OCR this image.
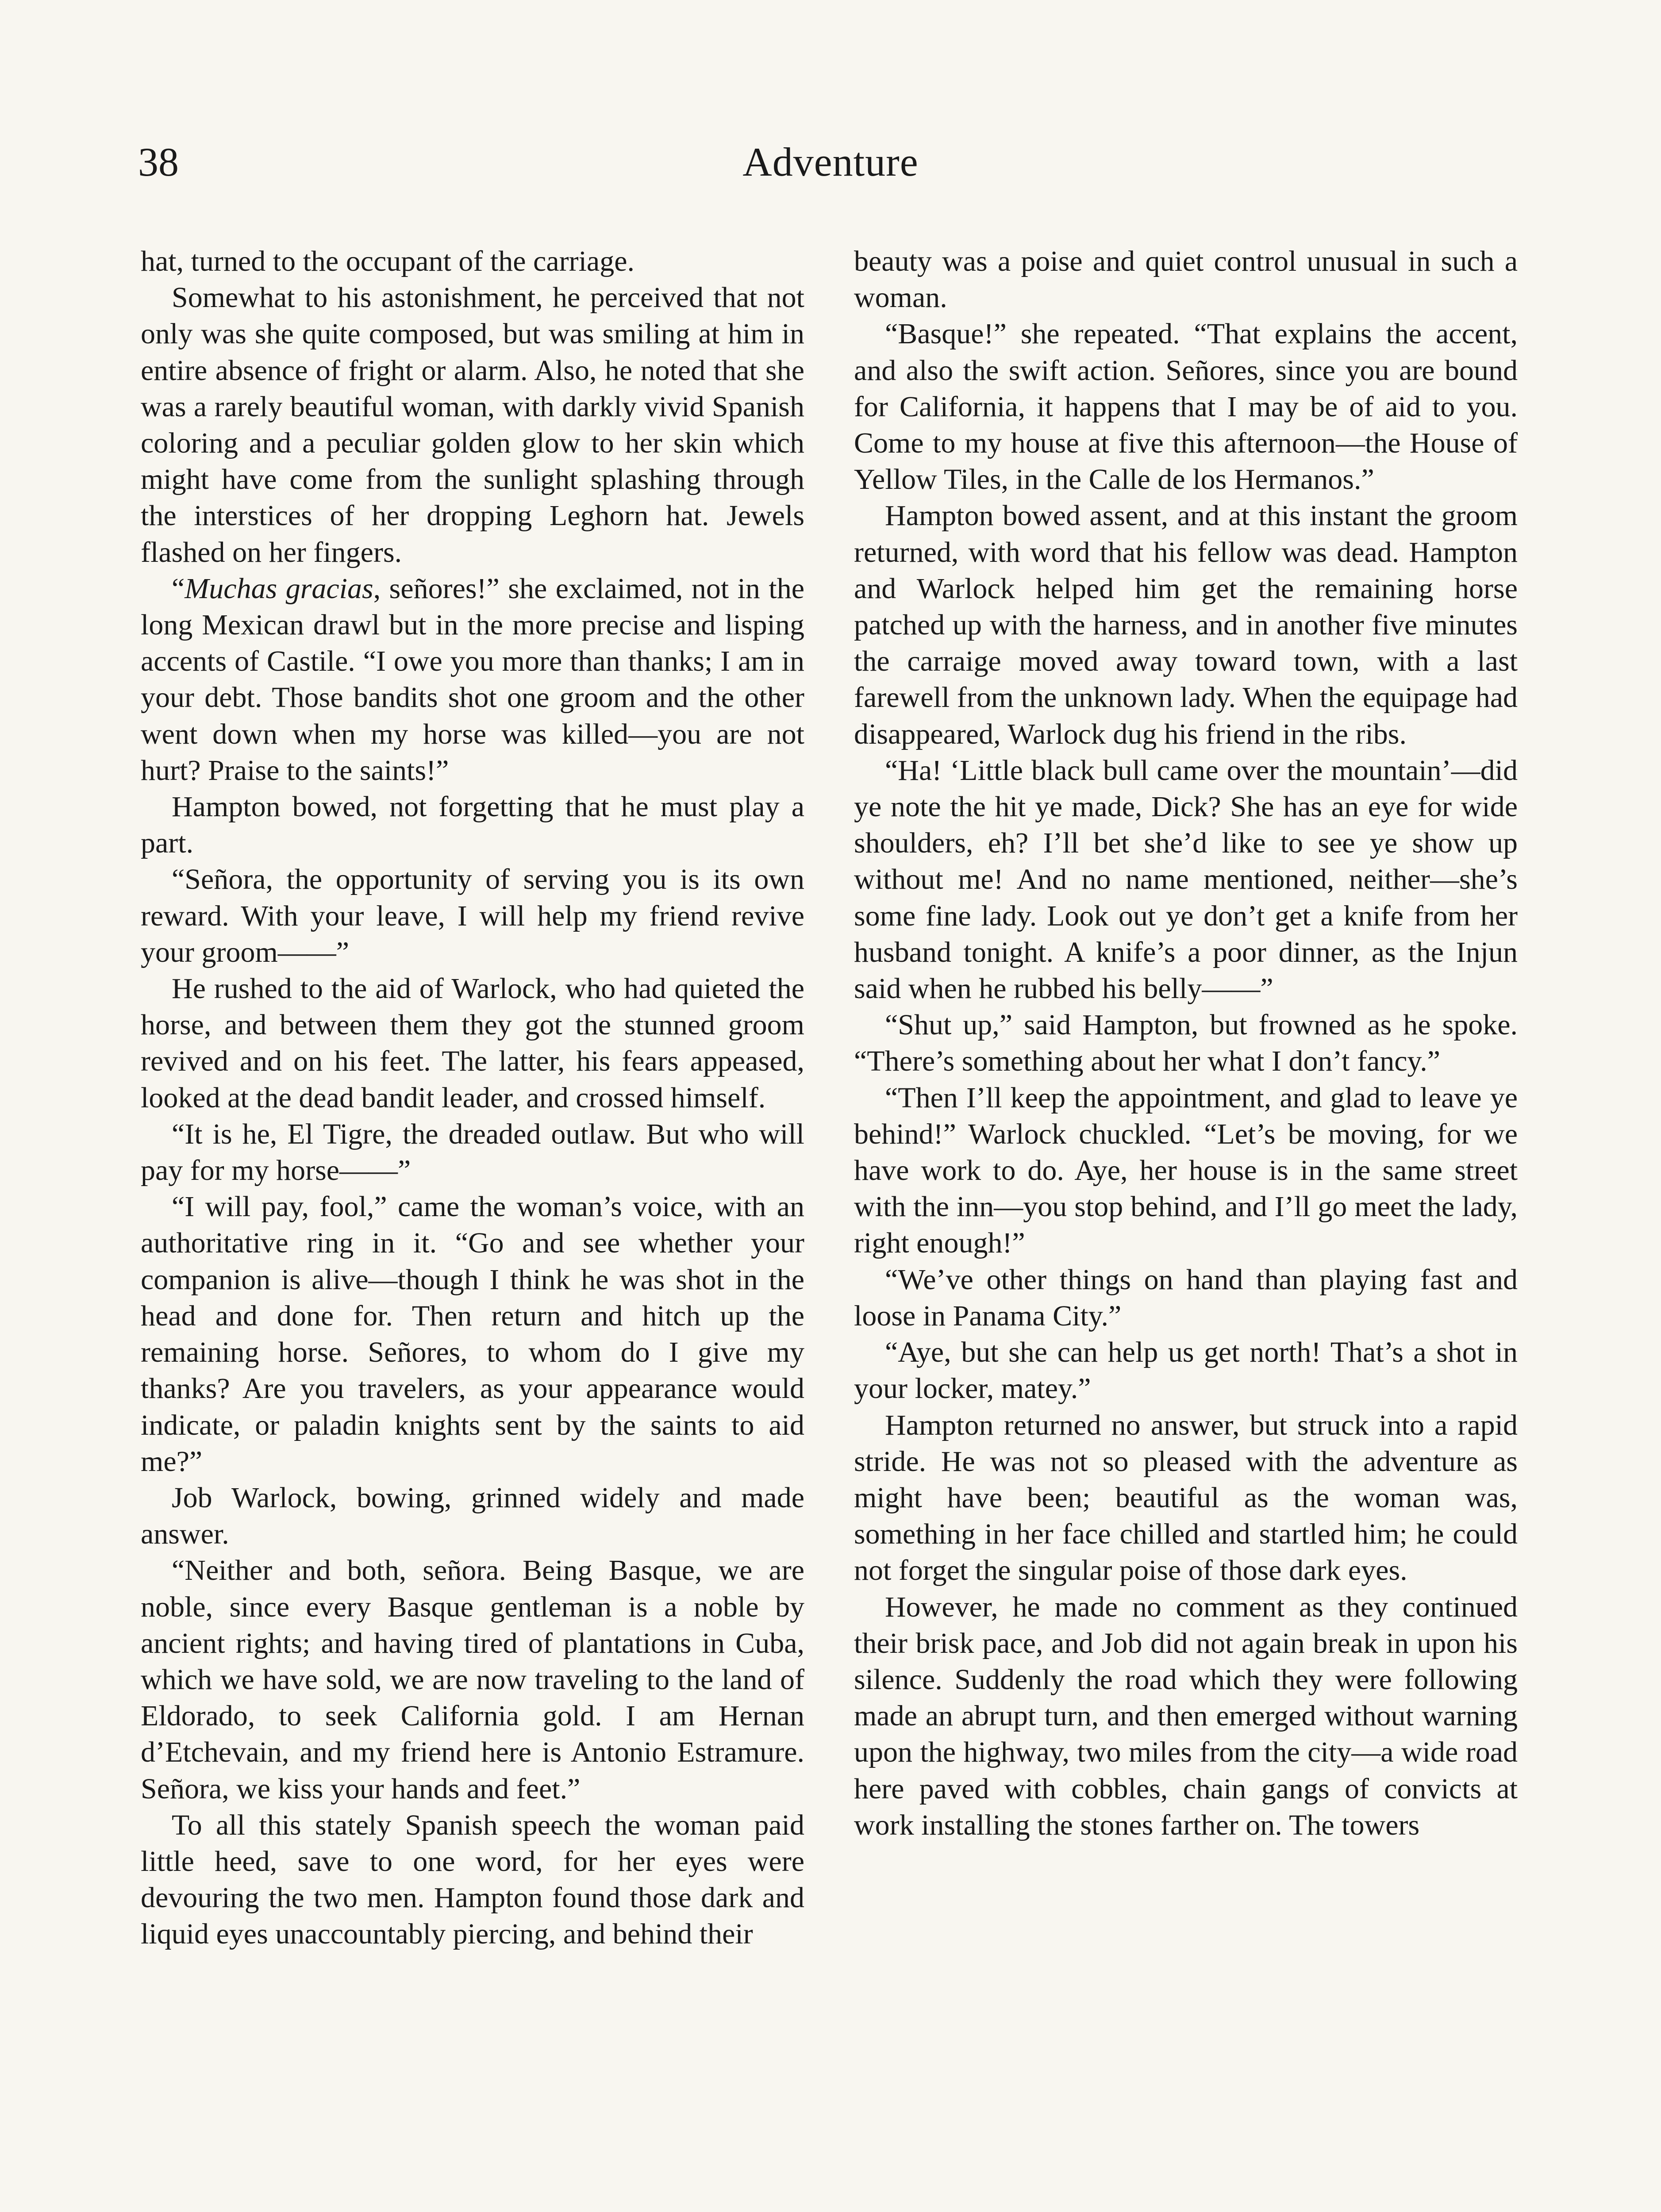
38	Adventure

hat, turned to the occupant of the carriage.

Somewhat to his astonishment, he perceived that not only was she quite composed, but was smiling at him in entire absence of fright or alarm. Also, he noted that she was a rarely beautiful woman, with darkly vivid Spanish coloring and a peculiar golden glow to her skin which might have come from the sunlight splashing through the interstices of her dropping Leghorn hat. Jewels flashed on her fingers.

“Muchas gracias, señores!” she exclaimed, not in the long Mexican drawl but in the more precise and lisping accents of Castile. “I owe you more than thanks; I am in your debt. Those bandits shot one groom and the other went down when my horse was killed—you are not hurt? Praise to the saints!”

Hampton bowed, not forgetting that he must play a part.

“Señora, the opportunity of serving you is its own reward. With your leave, I will help my friend revive your groom——”

He rushed to the aid of Warlock, who had quieted the horse, and between them they got the stunned groom revived and on his feet. The latter, his fears appeased, looked at the dead bandit leader, and crossed himself.

“It is he, El Tigre, the dreaded outlaw. But who will pay for my horse——”

“I will pay, fool,” came the woman’s voice, with an authoritative ring in it. “Go and see whether your companion is alive—though I think he was shot in the head and done for. Then return and hitch up the remaining horse. Señores, to whom do I give my thanks? Are you travelers, as your appearance would indicate, or paladin knights sent by the saints to aid me?”

Job Warlock, bowing, grinned widely and made answer.

“Neither and both, señora. Being Basque, we are noble, since every Basque gentleman is a noble by ancient rights; and having tired of plantations in Cuba, which we have sold, we are now traveling to the land of Eldorado, to seek California gold. I am Hernan d’Etchevain, and my friend here is Antonio Estramure. Señora, we kiss your hands and feet.”

To all this stately Spanish speech the woman paid little heed, save to one word, for her eyes were devouring the two men. Hampton found those dark and liquid eyes unaccountably piercing, and behind their

beauty was a poise and quiet control unusual in such a woman.

“Basque!” she repeated. “That explains the accent, and also the swift action. Señores, since you are bound for California, it happens that I may be of aid to you. Come to my house at five this afternoon—the House of Yellow Tiles, in the Calle de los Hermanos.”

Hampton bowed assent, and at this instant the groom returned, with word that his fellow was dead. Hampton and Warlock helped him get the remaining horse patched up with the harness, and in another five minutes the carraige moved away toward town, with a last farewell from the unknown lady. When the equipage had disappeared, Warlock dug his friend in the ribs.

“Ha! ‘Little black bull came over the mountain’—did ye note the hit ye made, Dick? She has an eye for wide shoulders, eh? I’ll bet she’d like to see ye show up without me! And no name mentioned, neither—she’s some fine lady. Look out ye don’t get a knife from her husband tonight. A knife’s a poor dinner, as the Injun said when he rubbed his belly——”

“Shut up,” said Hampton, but frowned as he spoke. “There’s something about her what I don’t fancy.”

“Then I’ll keep the appointment, and glad to leave ye behind!” Warlock chuckled. “Let’s be moving, for we have work to do. Aye, her house is in the same street with the inn—you stop behind, and I’ll go meet the lady, right enough!”

“We’ve other things on hand than playing fast and loose in Panama City.”

“Aye, but she can help us get north! That’s a shot in your locker, matey.”

Hampton returned no answer, but struck into a rapid stride. He was not so pleased with the adventure as might have been; beautiful as the woman was, something in her face chilled and startled him; he could not forget the singular poise of those dark eyes.

However, he made no comment as they continued their brisk pace, and Job did not again break in upon his silence. Suddenly the road which they were following made an abrupt turn, and then emerged without warning upon the highway, two miles from the city—a wide road here paved with cobbles, chain gangs of convicts at work installing the stones farther on. The towers
